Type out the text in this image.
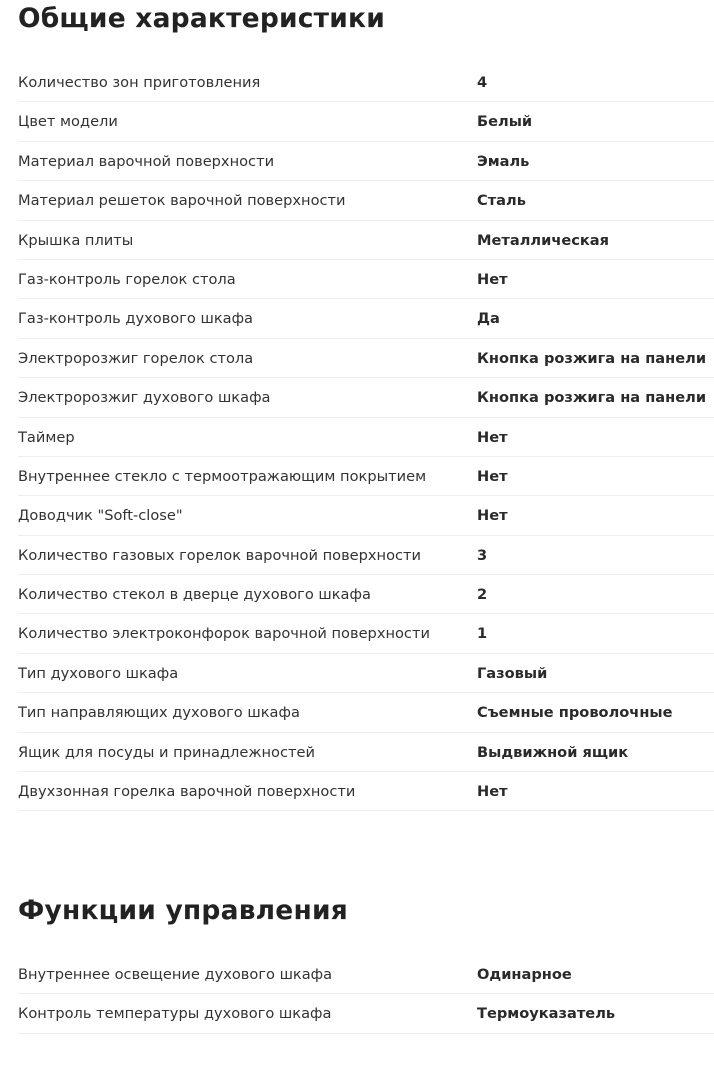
Общие характеристики
Количество зон приготовления	4
Цвет модели	Белый
Материал варочной поверхности	Эмаль
Материал решеток варочной поверхности	Сталь
Крышка плиты	Металлическая
Газ-контроль горелок стола	Нет
Газ-контроль духового шкафа	Да
Электророзжиг горелок стола	Кнопка розжига на панели
Электророзжиг духового шкафа	Кнопка розжига на панели
Таймер	Нет
Внутреннее стекло с термоотражающим покрытием	Нет
Доводчик "Soft-close"	Нет
Количество газовых горелок варочной поверхности	3
Количество стекол в дверце духового шкафа	2
Количество электроконфорок варочной поверхности	1
Тип духового шкафа	Газовый
Тип направляющих духового шкафа	Съемные проволочные
Ящик для посуды и принадлежностей	Выдвижной ящик
Двухзонная горелка варочной поверхности	Нет
Функции управления
Внутреннее освещение духового шкафа	Одинарное
Контроль температуры духового шкафа	Термоуказатель
